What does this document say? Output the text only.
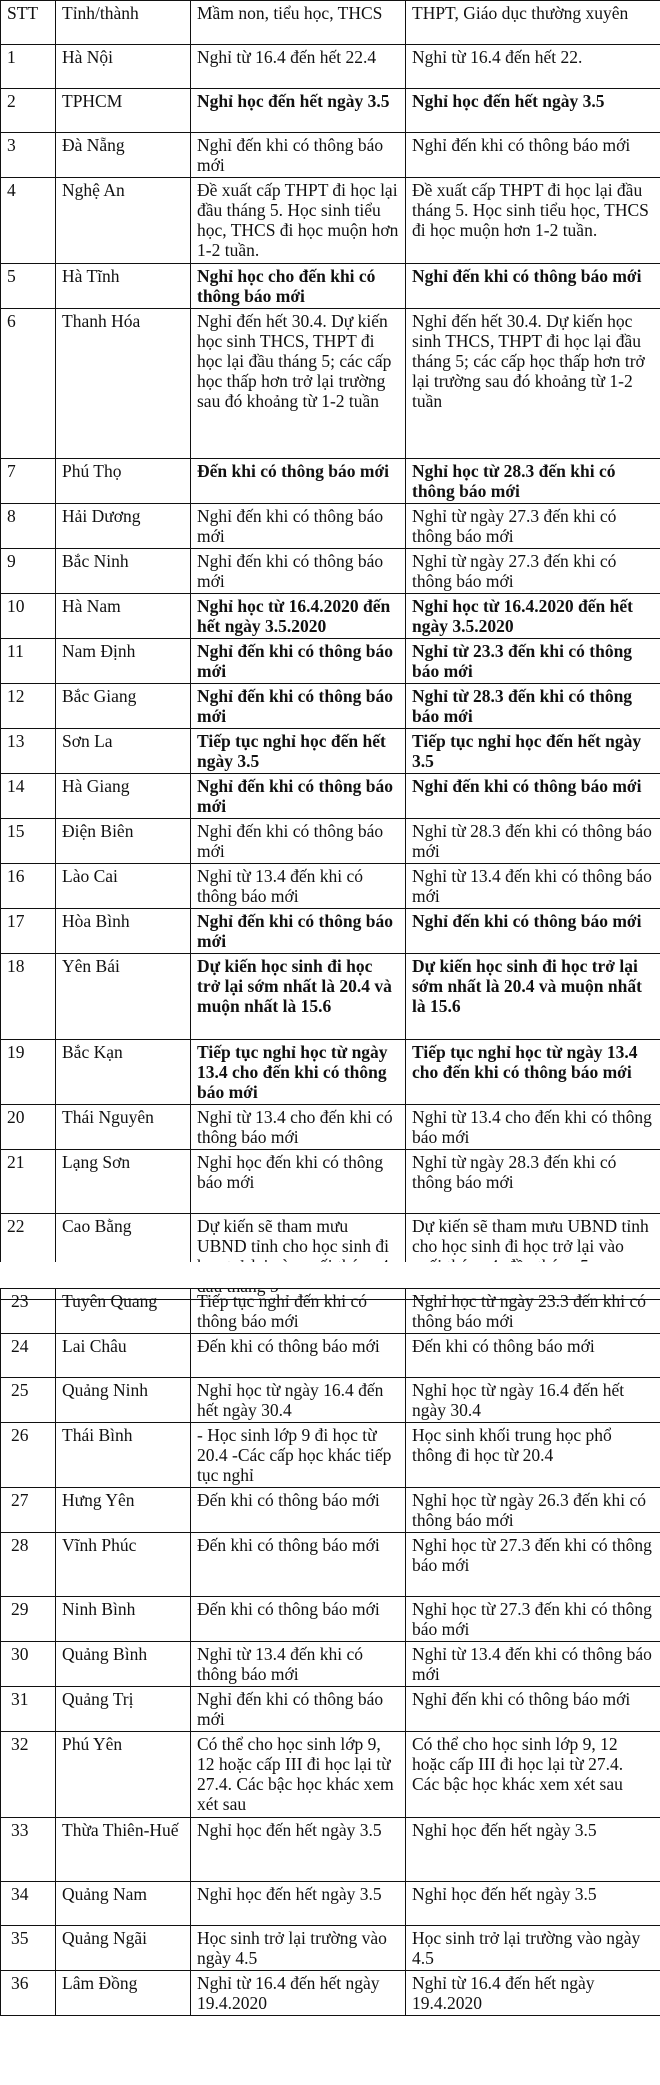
STT	Tỉnh/thành	Mầm non, tiểu học, THCS	THPT, Giáo dục thường xuyên
1	Hà Nội	Nghỉ từ 16.4 đến hết 22.4	Nghỉ từ 16.4 đến hết 22.
2	TPHCM	Nghỉ học đến hết ngày 3.5	Nghỉ học đến hết ngày 3.5
3	Đà Nẵng	Nghỉ đến khi có thông báo mới	Nghỉ đến khi có thông báo mới
4	Nghệ An	Đề xuất cấp THPT đi học lại đầu tháng 5. Học sinh tiểu học, THCS đi học muộn hơn 1-2 tuần.	Đề xuất cấp THPT đi học lại đầu tháng 5. Học sinh tiểu học, THCS đi học muộn hơn 1-2 tuần.
5	Hà Tĩnh	Nghỉ học cho đến khi có thông báo mới	Nghỉ đến khi có thông báo mới
6	Thanh Hóa	Nghỉ đến hết 30.4. Dự kiến học sinh THCS, THPT đi học lại đầu tháng 5; các cấp học thấp hơn trở lại trường sau đó khoảng từ 1-2 tuần	Nghỉ đến hết 30.4. Dự kiến học sinh THCS, THPT đi học lại đầu tháng 5; các cấp học thấp hơn trở lại trường sau đó khoảng từ 1-2 tuần
7	Phú Thọ	Đến khi có thông báo mới	Nghỉ học từ 28.3 đến khi có thông báo mới
8	Hải Dương	Nghỉ đến khi có thông báo mới	Nghỉ từ ngày 27.3 đến khi có thông báo mới
9	Bắc Ninh	Nghỉ đến khi có thông báo mới	Nghỉ từ ngày 27.3 đến khi có thông báo mới
10	Hà Nam	Nghỉ học từ 16.4.2020 đến hết ngày 3.5.2020	Nghỉ học từ 16.4.2020 đến hết ngày 3.5.2020
11	Nam Định	Nghỉ đến khi có thông báo mới	Nghỉ từ 23.3 đến khi có thông báo mới
12	Bắc Giang	Nghỉ đến khi có thông báo mới	Nghỉ từ 28.3 đến khi có thông báo mới
13	Sơn La	Tiếp tục nghỉ học đến hết ngày 3.5	Tiếp tục nghỉ học đến hết ngày 3.5
14	Hà Giang	Nghỉ đến khi có thông báo mới	Nghỉ đến khi có thông báo mới
15	Điện Biên	Nghỉ đến khi có thông báo mới	Nghỉ từ 28.3 đến khi có thông báo mới
16	Lào Cai	Nghỉ từ 13.4 đến khi có thông báo mới	Nghỉ từ 13.4 đến khi có thông báo mới
17	Hòa Bình	Nghỉ đến khi có thông báo mới	Nghỉ đến khi có thông báo mới
18	Yên Bái	Dự kiến học sinh đi học trở lại sớm nhất là 20.4 và muộn nhất là 15.6	Dự kiến học sinh đi học trở lại sớm nhất là 20.4 và muộn nhất là 15.6
19	Bắc Kạn	Tiếp tục nghỉ học từ ngày 13.4 cho đến khi có thông báo mới	Tiếp tục nghỉ học từ ngày 13.4 cho đến khi có thông báo mới
20	Thái Nguyên	Nghỉ từ 13.4 cho đến khi có thông báo mới	Nghỉ từ 13.4 cho đến khi có thông báo mới
21	Lạng Sơn	Nghỉ học đến khi có thông báo mới	Nghỉ từ ngày 28.3 đến khi có thông báo mới
22	Cao Bằng	Dự kiến sẽ tham mưu UBND tỉnh cho học sinh đi	Dự kiến sẽ tham mưu UBND tỉnh cho học sinh đi học trở lại vào
23	Tuyên Quang	Tiếp tục nghỉ đến khi có thông báo mới	Nghỉ học từ ngày 23.3 đến khi có thông báo mới
24	Lai Châu	Đến khi có thông báo mới	Đến khi có thông báo mới
25	Quảng Ninh	Nghỉ học từ ngày 16.4 đến hết ngày 30.4	Nghỉ học từ ngày 16.4 đến hết ngày 30.4
26	Thái Bình	- Học sinh lớp 9 đi học từ 20.4 -Các cấp học khác tiếp tục nghỉ	Học sinh khối trung học phổ thông đi học từ 20.4
27	Hưng Yên	Đến khi có thông báo mới	Nghỉ học từ ngày 26.3 đến khi có thông báo mới
28	Vĩnh Phúc	Đến khi có thông báo mới	Nghỉ học từ 27.3 đến khi có thông báo mới
29	Ninh Bình	Đến khi có thông báo mới	Nghỉ học từ 27.3 đến khi có thông báo mới
30	Quảng Bình	Nghỉ từ 13.4 đến khi có thông báo mới	Nghỉ từ 13.4 đến khi có thông báo mới
31	Quảng Trị	Nghỉ đến khi có thông báo mới	Nghỉ đến khi có thông báo mới
32	Phú Yên	Có thể cho học sinh lớp 9, 12 hoặc cấp III đi học lại từ 27.4. Các bậc học khác xem xét sau	Có thể cho học sinh lớp 9, 12 hoặc cấp III đi học lại từ 27.4. Các bậc học khác xem xét sau
33	Thừa Thiên-Huế	Nghỉ học đến hết ngày 3.5	Nghỉ học đến hết ngày 3.5
34	Quảng Nam	Nghỉ học đến hết ngày 3.5	Nghỉ học đến hết ngày 3.5
35	Quảng Ngãi	Học sinh trở lại trường vào ngày 4.5	Học sinh trở lại trường vào ngày 4.5
36	Lâm Đồng	Nghỉ từ 16.4 đến hết ngày 19.4.2020	Nghỉ từ 16.4 đến hết ngày 19.4.2020
